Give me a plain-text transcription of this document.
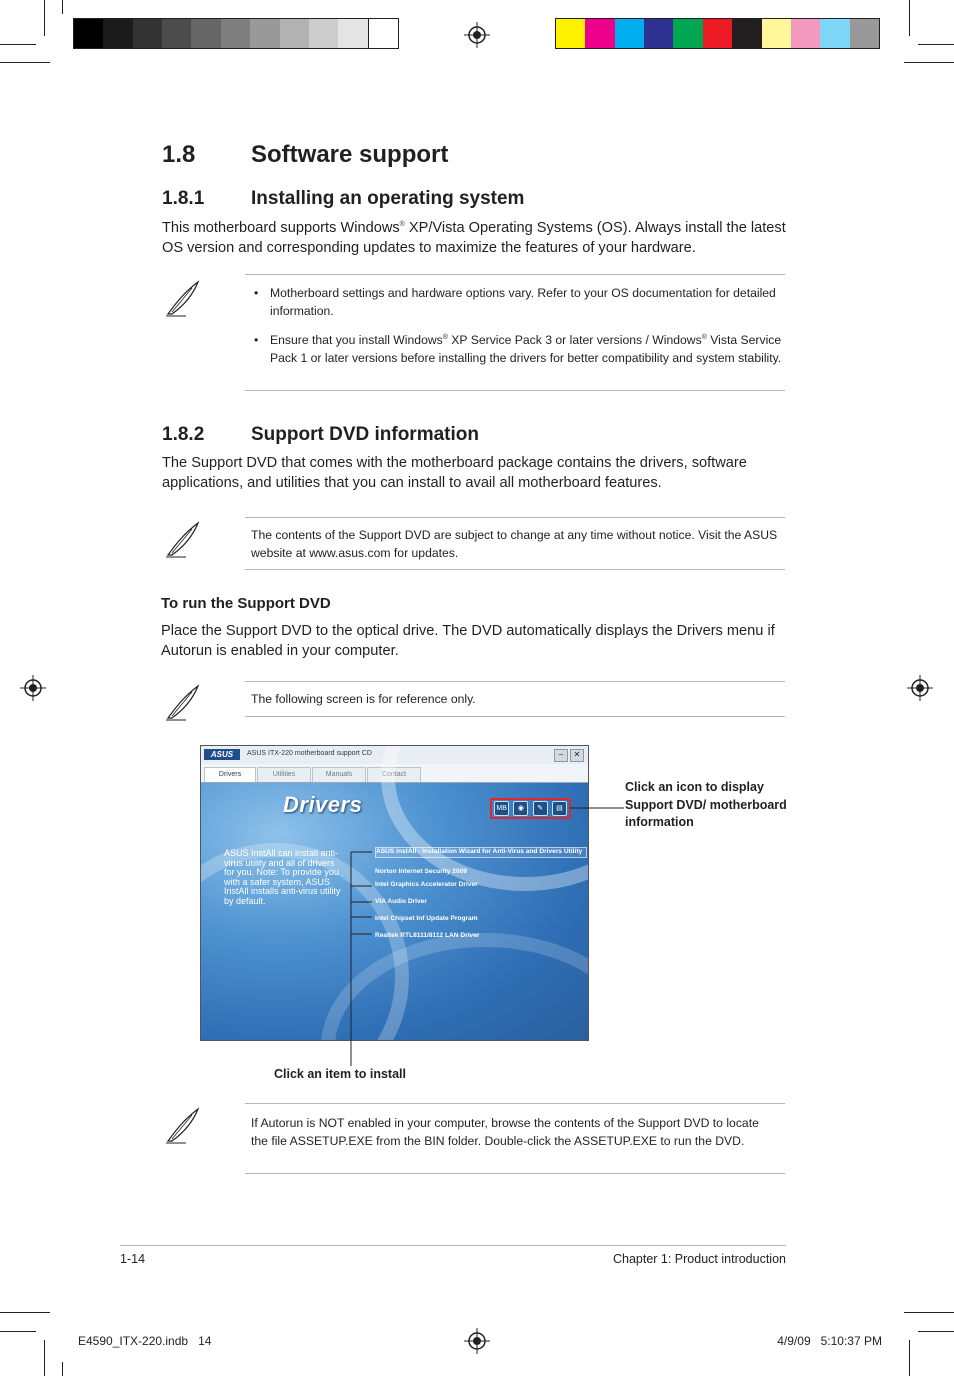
1.8 Software support
1.8.1 Installing an operating system

This motherboard supports Windows® XP/Vista Operating Systems (OS). Always install the latest OS version and corresponding updates to maximize the features of your hardware.

• Motherboard settings and hardware options vary. Refer to your OS documentation for detailed information.
• Ensure that you install Windows® XP Service Pack 3 or later versions / Windows® Vista Service Pack 1 or later versions before installing the drivers for better compatibility and system stability.
1.8.2 Support DVD information

The Support DVD that comes with the motherboard package contains the drivers, software applications, and utilities that you can install to avail all motherboard features.

The contents of the Support DVD are subject to change at any time without notice. Visit the ASUS website at www.asus.com for updates.

To run the Support DVD

Place the Support DVD to the optical drive. The DVD automatically displays the Drivers menu if Autorun is enabled in your computer.

The following screen is for reference only.

ASUS	ASUS ITX-220 motherboard support CD	–	✕
Drivers	Utilities	Manuals	Contact
Drivers	MB	◉	✎	▤
ASUS InstAll can install anti-virus utility and all of drivers for you. Note: To provide you with a safer system, ASUS InstAll installs anti-virus utility by default.
ASUS InstAll - Installation Wizard for Anti-Virus and Drivers Utility
Norton Internet Security 2009
Intel Graphics Accelerator Driver
VIA Audio Driver
Intel Chipset Inf Update Program
Realtek RTL8111/8112 LAN Driver
Click an icon to display Support DVD/ motherboard information
Click an item to install

If Autorun is NOT enabled in your computer, browse the contents of the Support DVD to locate the file ASSETUP.EXE from the BIN folder. Double-click the ASSETUP.EXE to run the DVD.

1-14	Chapter 1: Product introduction
E4590_ITX-220.indb   14	4/9/09   5:10:37 PM
